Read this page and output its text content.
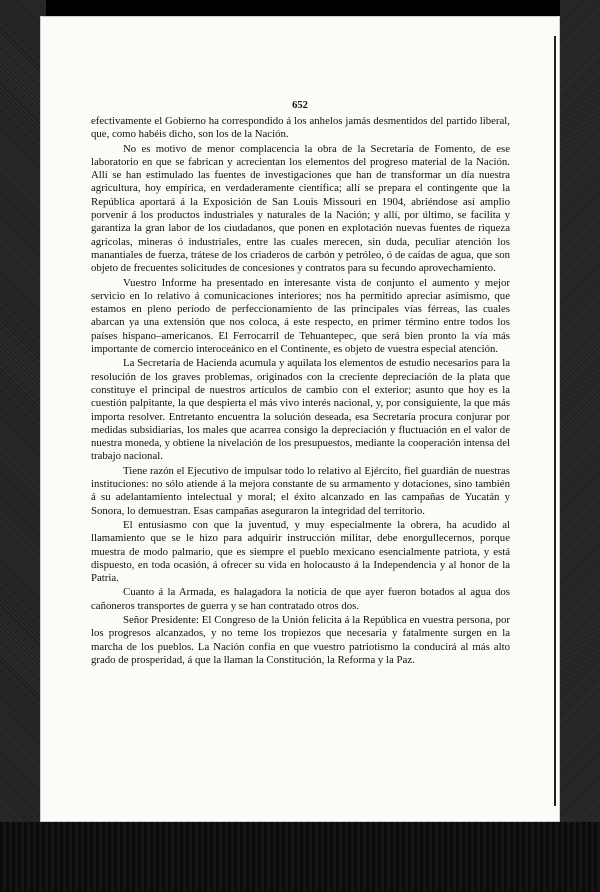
652

efectivamente el Gobierno ha correspondido á los anhelos jamás desmentidos del partido liberal, que, como habéis dicho, son los de la Nación.

No es motivo de menor complacencia la obra de la Secretaría de Fomento, de ese laboratorio en que se fabrican y acrecientan los elementos del progreso material de la Nación. Allí se han estimulado las fuentes de investigaciones que han de transformar un día nuestra agricultura, hoy empírica, en verdaderamente científica; allí se prepara el contingente que la República aportará á la Exposición de San Louis Missouri en 1904, abriéndose así amplio porvenir á los productos industriales y naturales de la Nación; y allí, por último, se facilita y garantiza la gran labor de los ciudadanos, que ponen en explotación nuevas fuentes de riqueza agrícolas, mineras ó industriales, entre las cuales merecen, sin duda, peculiar atención los manantiales de fuerza, trátese de los criaderos de carbón y petróleo, ó de caídas de agua, que son objeto de frecuentes solicitudes de concesiones y contratos para su fecundo aprovechamiento.

Vuestro Informe ha presentado en interesante vista de conjunto el aumento y mejor servicio en lo relativo á comunicaciones interiores; nos ha permitido apreciar asímismo, que estamos en pleno período de perfeccionamiento de las principales vías férreas, las cuales abarcan ya una extensión que nos coloca, á este respecto, en primer término entre todos los países hispano–americanos. El Ferrocarril de Tehuantepec, que será bien pronto la vía más importante de comercio interoceánico en el Continente, es objeto de vuestra especial atención.

La Secretaría de Hacienda acumula y aquilata los elementos de estudio necesarios para la resolución de los graves problemas, originados con la creciente depreciación de la plata que constituye el principal de nuestros artículos de cambio con el exterior; asunto que hoy es la cuestión palpitante, la que despierta el más vivo interés nacional, y, por consiguiente, la que más importa resolver. Entretanto encuentra la solución deseada, esa Secretaría procura conjurar por medidas subsidiarias, los males que acarrea consigo la depreciación y fluctuación en el valor de nuestra moneda, y obtiene la nivelación de los presupuestos, mediante la cooperación intensa del trabajo nacional.

Tiene razón el Ejecutivo de impulsar todo lo relativo al Ejército, fiel guardián de nuestras instituciones: no sólo atiende á la mejora constante de su armamento y dotaciones, sino también á su adelantamiento intelectual y moral; el éxito alcanzado en las campañas de Yucatán y Sonora, lo demuestran. Esas campañas aseguraron la integridad del territorio.

El entusiasmo con que la juventud, y muy especialmente la obrera, ha acudido al llamamiento que se le hizo para adquirir instrucción militar, debe enorgullecernos, porque muestra de modo palmario, que es siempre el pueblo mexicano esencialmente patriota, y está dispuesto, en toda ocasión, á ofrecer su vida en holocausto á la Independencia y al honor de la Patria.

Cuanto á la Armada, es halagadora la noticia de que ayer fueron botados al agua dos cañoneros transportes de guerra y se han contratado otros dos.

Señor Presidente: El Congreso de la Unión felicita á la República en vuestra persona, por los progresos alcanzados, y no teme los tropiezos que necesaria y fatalmente surgen en la marcha de los pueblos. La Nación confía en que vuestro patriotismo la conducirá al más alto grado de prosperidad, á que la llaman la Constitución, la Reforma y la Paz.
